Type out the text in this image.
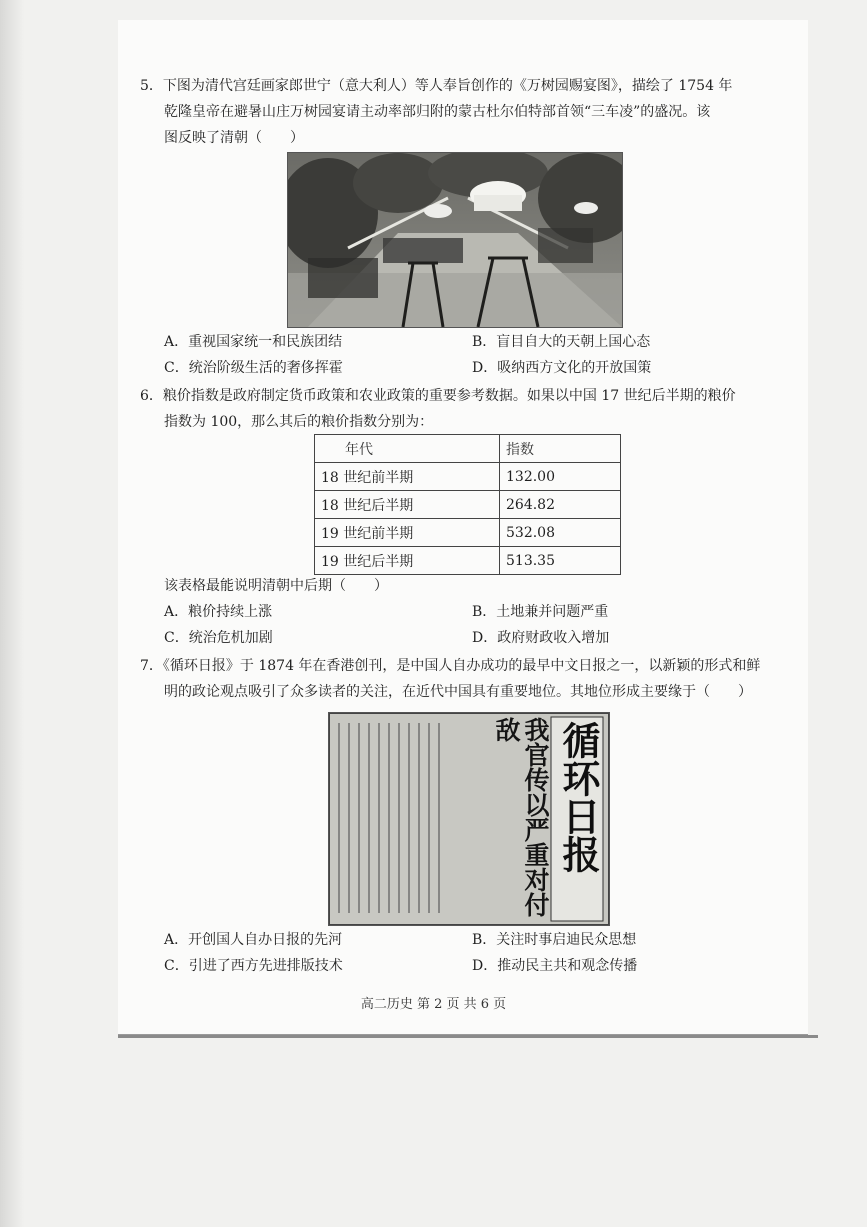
5．下图为清代宫廷画家郎世宁（意大利人）等人奉旨创作的《万树园赐宴图》，描绘了 1754 年
乾隆皇帝在避暑山庄万树园宴请主动率部归附的蒙古杜尔伯特部首领“三车凌”的盛况。该
图反映了清朝（　　）
A．重视国家统一和民族团结	B．盲目自大的天朝上国心态
C．统治阶级生活的奢侈挥霍	D．吸纳西方文化的开放国策
6．粮价指数是政府制定货币政策和农业政策的重要参考数据。如果以中国 17 世纪后半期的粮价
指数为 100，那么其后的粮价指数分别为：
年代	指数
18 世纪前半期	132.00
18 世纪后半期	264.82
19 世纪前半期	532.08
19 世纪后半期	513.35
该表格最能说明清朝中后期（　　）
A．粮价持续上涨	B．土地兼并问题严重
C．统治危机加剧	D．政府财政收入增加
7．《循环日报》于 1874 年在香港创刊，是中国人自办成功的最早中文日报之一，以新颖的形式和鲜
明的政论观点吸引了众多读者的关注，在近代中国具有重要地位。其地位形成主要缘于（　　）
我官传以严重对付敌 循环日报
A．开创国人自办日报的先河	B．关注时事启迪民众思想
C．引进了西方先进排版技术	D．推动民主共和观念传播
高二历史 第 2 页 共 6 页
